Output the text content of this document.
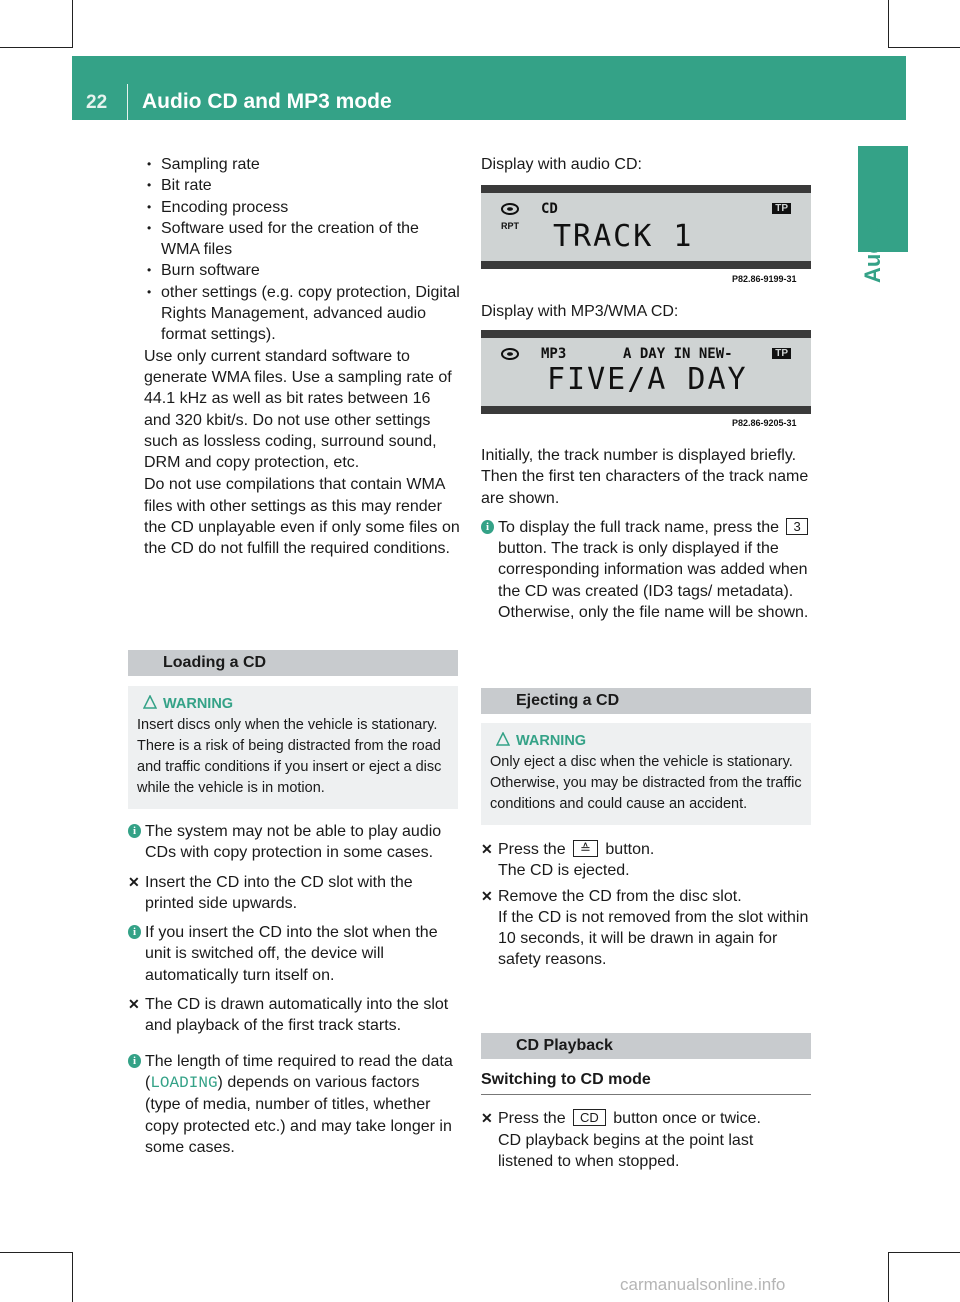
22 Audio CD and MP3 mode
Audio

• Sampling rate

• Bit rate

• Encoding process

• Software used for the creation of the WMA files

• Burn software

• other settings (e.g. copy protection, Digital Rights Management, advanced audio format settings).

Use only current standard software to generate WMA files. Use a sampling rate of 44.1 kHz as well as bit rates between 16 and 320 kbit/s. Do not use other settings such as lossless coding, surround sound, DRM and copy protection, etc.

Do not use compilations that contain WMA files with other settings as this may render the CD unplayable even if only some files on the CD do not fulfill the required conditions.

Loading a CD
WARNING
Insert discs only when the vehicle is stationary. There is a risk of being distracted from the road and traffic conditions if you insert or eject a disc while the vehicle is in motion.

i The system may not be able to play audio CDs with copy protection in some cases.

✕ Insert the CD into the CD slot with the printed side upwards.

i If you insert the CD into the slot when the unit is switched off, the device will automatically turn itself on.

✕ The CD is drawn automatically into the slot and playback of the first track starts.

i The length of time required to read the data (LOADING) depends on various factors (type of media, number of titles, whether copy protected etc.) and may take longer in some cases.

Display with audio CD:

CD
RPT
TP
TRACK 1
P82.86-9199-31

Display with MP3/WMA CD:

MP3	A DAY IN NEW-	TP
FIVE/A DAY
P82.86-9205-31

Initially, the track number is displayed briefly. Then the first ten characters of the track name are shown.

i To display the full track name, press the 3 button. The track is only displayed if the corresponding information was added when the CD was created (ID3 tags/ metadata). Otherwise, only the file name will be shown.

Ejecting a CD
WARNING
Only eject a disc when the vehicle is stationary. Otherwise, you may be distracted from the traffic conditions and could cause an accident.

✕ Press the ≙ button.

The CD is ejected.

✕ Remove the CD from the disc slot.

If the CD is not removed from the slot within 10 seconds, it will be drawn in again for safety reasons.

CD Playback
Switching to CD mode

✕ Press the CD button once or twice.

CD playback begins at the point last listened to when stopped.

carmanualsonline.info
